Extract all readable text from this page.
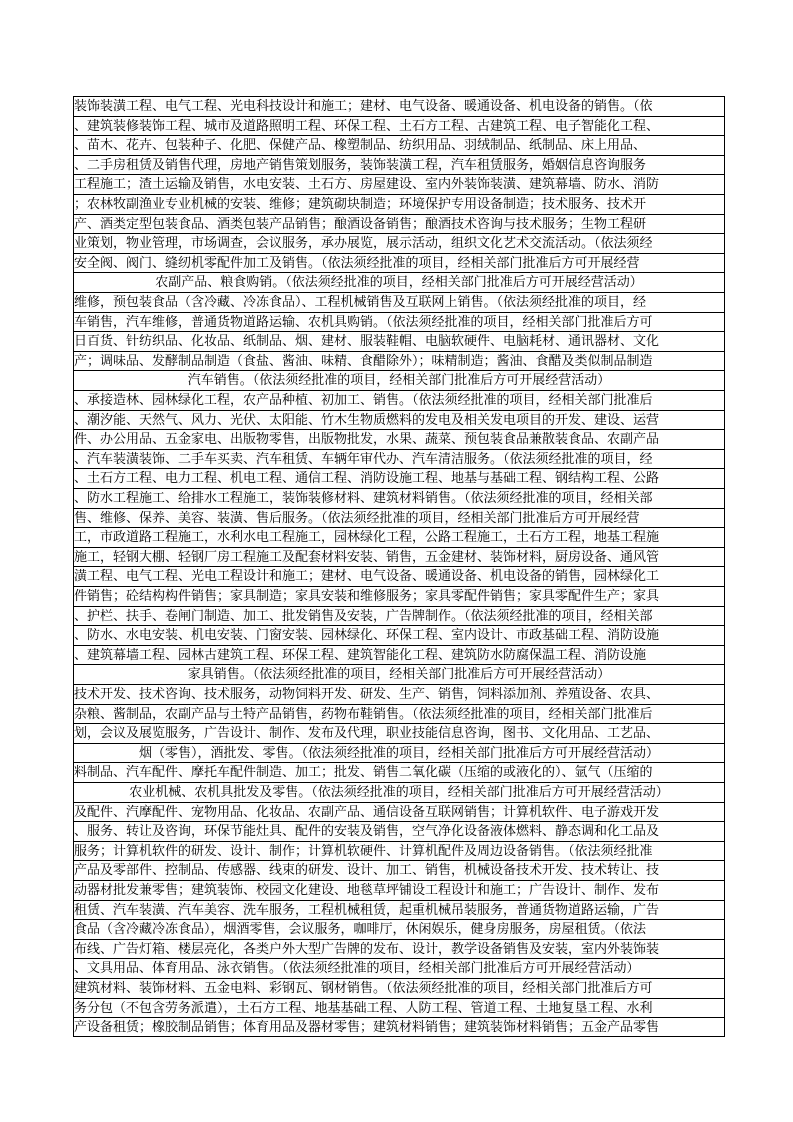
装饰装潢工程、电气工程、光电科技设计和施工；建材、电气设备、暖通设备、机电设备的销售。（依
、建筑装修装饰工程、城市及道路照明工程、环保工程、土石方工程、古建筑工程、电子智能化工程、
、苗木、花卉、包装种子、化肥、保健产品、橡塑制品、纺织用品、羽绒制品、纸制品、床上用品、
、二手房租赁及销售代理，房地产销售策划服务，装饰装潢工程，汽车租赁服务，婚姻信息咨询服务
工程施工；渣土运输及销售，水电安装、土石方、房屋建设、室内外装饰装潢、建筑幕墙、防水、消防
；农林牧副渔业专业机械的安装、维修；建筑砌块制造；环境保护专用设备制造；技术服务、技术开
产、酒类定型包装食品、酒类包装产品销售；酿酒设备销售；酿酒技术咨询与技术服务；生物工程研
业策划，物业管理，市场调查，会议服务，承办展览，展示活动，组织文化艺术交流活动。（依法须经
安全阀、阀门、缝纫机零配件加工及销售。（依法须经批准的项目，经相关部门批准后方可开展经营
农副产品、粮食购销。（依法须经批准的项目，经相关部门批准后方可开展经营活动）
维修，预包装食品（含冷藏、冷冻食品）、工程机械销售及互联网上销售。（依法须经批准的项目，经
车销售，汽车维修，普通货物道路运输、农机具购销。（依法须经批准的项目，经相关部门批准后方可
日百货、针纺织品、化妆品、纸制品、烟、建材、服装鞋帽、电脑软硬件、电脑耗材、通讯器材、文化
产；调味品、发酵制品制造（食盐、酱油、味精、食醋除外）；味精制造；酱油、食醋及类似制品制造
汽车销售。（依法须经批准的项目，经相关部门批准后方可开展经营活动）
、承接造林、园林绿化工程，农产品种植、初加工、销售。（依法须经批准的项目，经相关部门批准后
、潮汐能、天然气、风力、光伏、太阳能、竹木生物质燃料的发电及相关发电项目的开发、建设、运营
件、办公用品、五金家电、出版物零售，出版物批发，水果、蔬菜、预包装食品兼散装食品、农副产品
、汽车装潢装饰、二手车买卖、汽车租赁、车辆年审代办、汽车清洁服务。（依法须经批准的项目，经
、土石方工程、电力工程、机电工程、通信工程、消防设施工程、地基与基础工程、钢结构工程、公路
、防水工程施工、给排水工程施工，装饰装修材料、建筑材料销售。（依法须经批准的项目，经相关部
售、维修、保养、美容、装潢、售后服务。（依法须经批准的项目，经相关部门批准后方可开展经营
工，市政道路工程施工，水利水电工程施工，园林绿化工程，公路工程施工，土石方工程，地基工程施
施工，轻钢大棚、轻钢厂房工程施工及配套材料安装、销售，五金建材、装饰材料，厨房设备、通风管
潢工程、电气工程、光电工程设计和施工；建材、电气设备、暖通设备、机电设备的销售，园林绿化工
件销售；砼结构构件销售；家具制造；家具安装和维修服务；家具零配件销售；家具零配件生产；家具
、护栏、扶手、卷闸门制造、加工、批发销售及安装，广告牌制作。（依法须经批准的项目，经相关部
、防水、水电安装、机电安装、门窗安装、园林绿化、环保工程、室内设计、市政基础工程、消防设施
、建筑幕墙工程、园林古建筑工程、环保工程、建筑智能化工程、建筑防水防腐保温工程、消防设施
家具销售。（依法须经批准的项目，经相关部门批准后方可开展经营活动）
技术开发、技术咨询、技术服务，动物饲料开发、研发、生产、销售，饲料添加剂、养殖设备、农具、
杂粮、酱制品，农副产品与土特产品销售，药物布鞋销售。（依法须经批准的项目，经相关部门批准后
划，会议及展览服务，广告设计、制作、发布及代理，职业技能信息咨询，图书、文化用品、工艺品、
烟（零售），酒批发、零售。（依法须经批准的项目，经相关部门批准后方可开展经营活动）
料制品、汽车配件、摩托车配件制造、加工；批发、销售二氧化碳（压缩的或液化的）、氩气（压缩的
农业机械、农机具批发及零售。（依法须经批准的项目，经相关部门批准后方可开展经营活动）
及配件、汽摩配件、宠物用品、化妆品、农副产品、通信设备互联网销售；计算机软件、电子游戏开发
、服务、转让及咨询，环保节能灶具、配件的安装及销售，空气净化设备液体燃料、静态调和化工品及
服务；计算机软件的研发、设计、制作；计算机软硬件、计算机配件及周边设备销售。（依法须经批准
产品及零部件、控制品、传感器、线束的研发、设计、加工、销售，机械设备技术开发、技术转让、技
动器材批发兼零售；建筑装饰、校园文化建设、地毯草坪铺设工程设计和施工；广告设计、制作、发布
租赁、汽车装潢、汽车美容、洗车服务，工程机械租赁，起重机械吊装服务，普通货物道路运输，广告
食品（含冷藏冷冻食品），烟酒零售，会议服务，咖啡厅，休闲娱乐，健身房服务，房屋租赁。（依法
布线、广告灯箱、楼层亮化，各类户外大型广告牌的发布、设计，教学设备销售及安装，室内外装饰装
、文具用品、体育用品、泳衣销售。（依法须经批准的项目，经相关部门批准后方可开展经营活动）
建筑材料、装饰材料、五金电料、彩钢瓦、钢材销售。（依法须经批准的项目，经相关部门批准后方可
务分包（不包含劳务派遣），土石方工程、地基基础工程、人防工程、管道工程、土地复垦工程、水利
产设备租赁；橡胶制品销售；体育用品及器材零售；建筑材料销售；建筑装饰材料销售；五金产品零售
